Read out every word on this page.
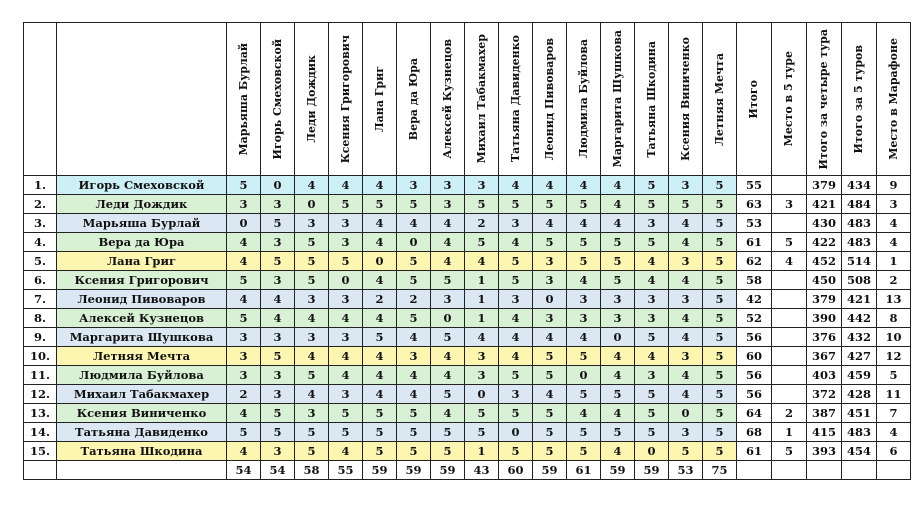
		Марьяша Бурлай	Игорь Смеховской	Леди Дождик	Ксения Григорович	Лана Григ	Вера да Юра	Алексей Кузнецов	Михаил Табакмахер	Татьяна Давиденко	Леонид Пивоваров	Людмила Буйлова	Маргарита Шушкова	Татьяна Шкодина	Ксения Виниченко	Летняя Мечта	Итого	Место в 5 туре	Итого за четыре тура	Итого за 5 туров	Место в Марафоне

1.	Игорь Смеховской	5	0	4	4	4	3	3	3	4	4	4	4	5	3	5	55		379	434	9
2.	Леди Дождик	3	3	0	5	5	5	3	5	5	5	5	4	5	5	5	63	3	421	484	3
3.	Марьяша Бурлай	0	5	3	3	4	4	4	2	3	4	4	4	3	4	5	53		430	483	4
4.	Вера да Юра	4	3	5	3	4	0	4	5	4	5	5	5	5	4	5	61	5	422	483	4
5.	Лана Григ	4	5	5	5	0	5	4	4	5	3	5	5	4	3	5	62	4	452	514	1
6.	Ксения Григорович	5	3	5	0	4	5	5	1	5	3	4	5	4	4	5	58		450	508	2
7.	Леонид Пивоваров	4	4	3	3	2	2	3	1	3	0	3	3	3	3	5	42		379	421	13
8.	Алексей Кузнецов	5	4	4	4	4	5	0	1	4	3	3	3	3	4	5	52		390	442	8
9.	Маргарита Шушкова	3	3	3	3	5	4	5	4	4	4	4	0	5	4	5	56		376	432	10
10.	Летняя Мечта	3	5	4	4	4	3	4	3	4	5	5	4	4	3	5	60		367	427	12
11.	Людмила Буйлова	3	3	5	4	4	4	4	3	5	5	0	4	3	4	5	56		403	459	5
12.	Михаил Табакмахер	2	3	4	3	4	4	5	0	3	4	5	5	5	4	5	56		372	428	11
13.	Ксения Виниченко	4	5	3	5	5	5	4	5	5	5	4	4	5	0	5	64	2	387	451	7
14.	Татьяна Давиденко	5	5	5	5	5	5	5	5	0	5	5	5	5	3	5	68	1	415	483	4
15.	Татьяна Шкодина	4	3	5	4	5	5	5	1	5	5	5	4	0	5	5	61	5	393	454	6
		54	54	58	55	59	59	59	43	60	59	61	59	59	53	75					
